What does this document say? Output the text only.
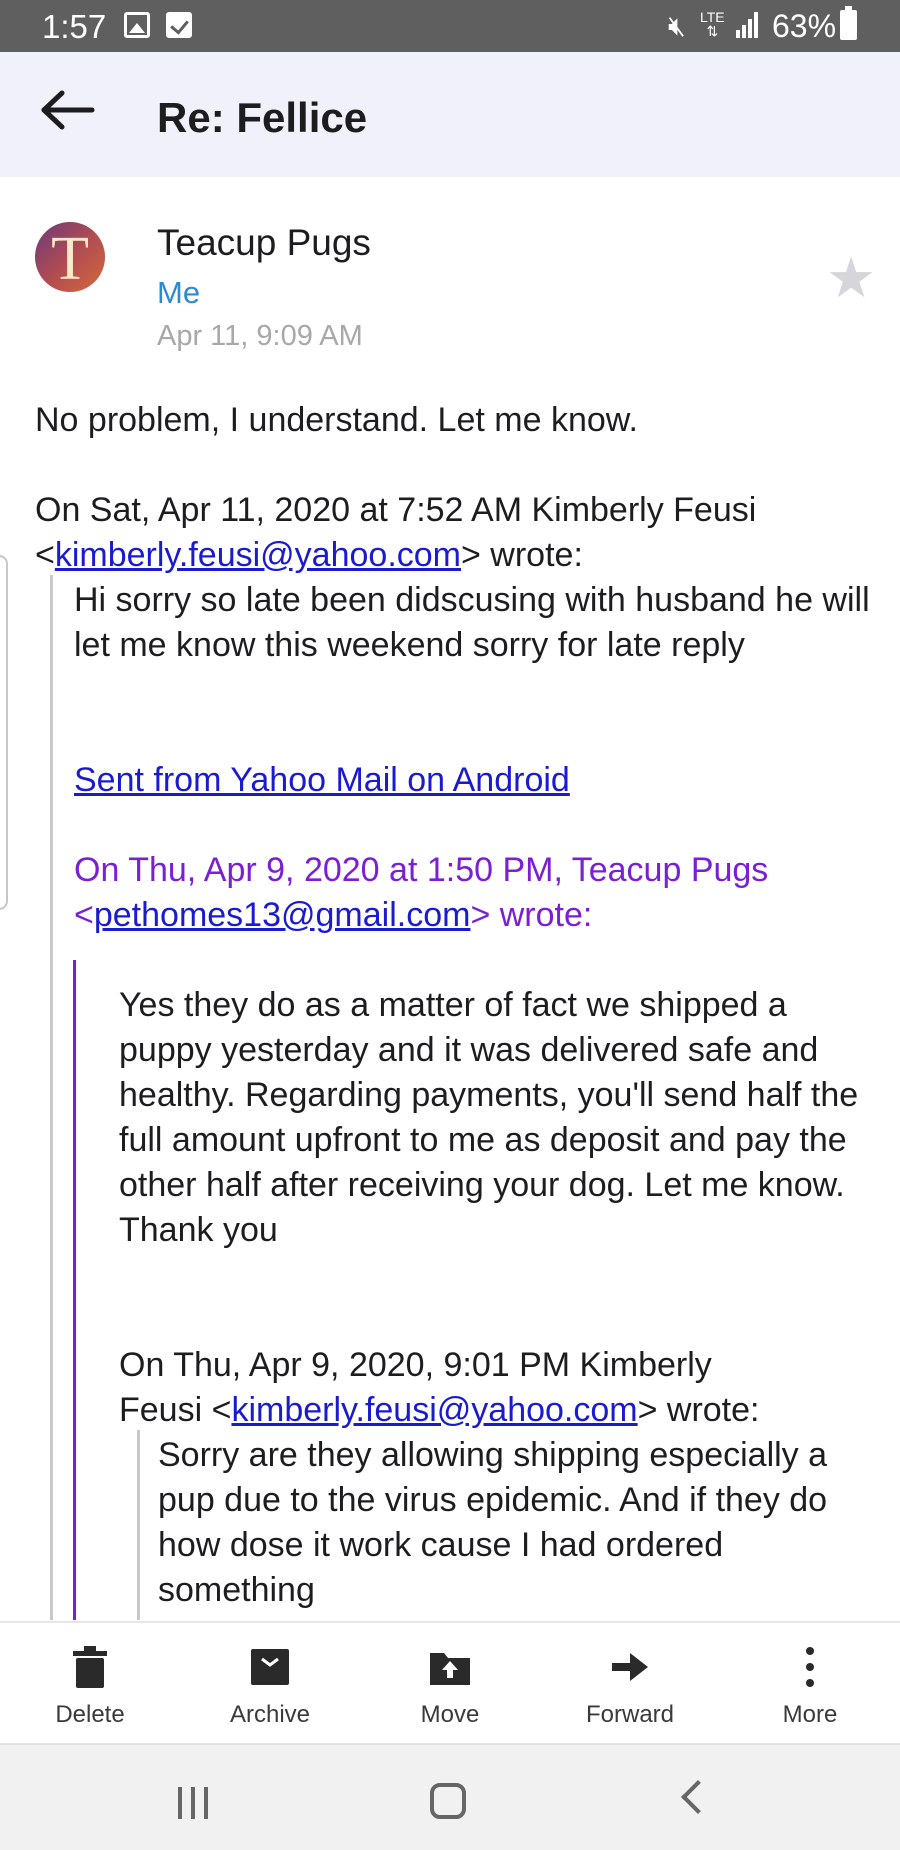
1:57	🔇︎ LTE
⇅ 63%
Re: Fellice
T	Teacup Pugs
Me
Apr 11, 9:09 AM
★
No problem, I understand. Let me know.
On Sat, Apr 11, 2020 at 7:52 AM Kimberly Feusi
<kimberly.feusi@yahoo.com> wrote:
Hi sorry so late been didscusing with husband he will let me know this weekend sorry for late reply
Sent from Yahoo Mail on Android
On Thu, Apr 9, 2020 at 1:50 PM, Teacup Pugs
<pethomes13@gmail.com> wrote:
Yes they do as a matter of fact we shipped a puppy yesterday and it was delivered safe and healthy. Regarding payments, you'll send half the full amount upfront to me as deposit and pay the other half after receiving your dog. Let me know.
Thank you
On Thu, Apr 9, 2020, 9:01 PM Kimberly
Feusi <kimberly.feusi@yahoo.com> wrote:
Sorry are they allowing shipping especially a pup due to the virus epidemic. And if they do how dose it work cause I had ordered something
Delete	Archive	Move	Forward	More
